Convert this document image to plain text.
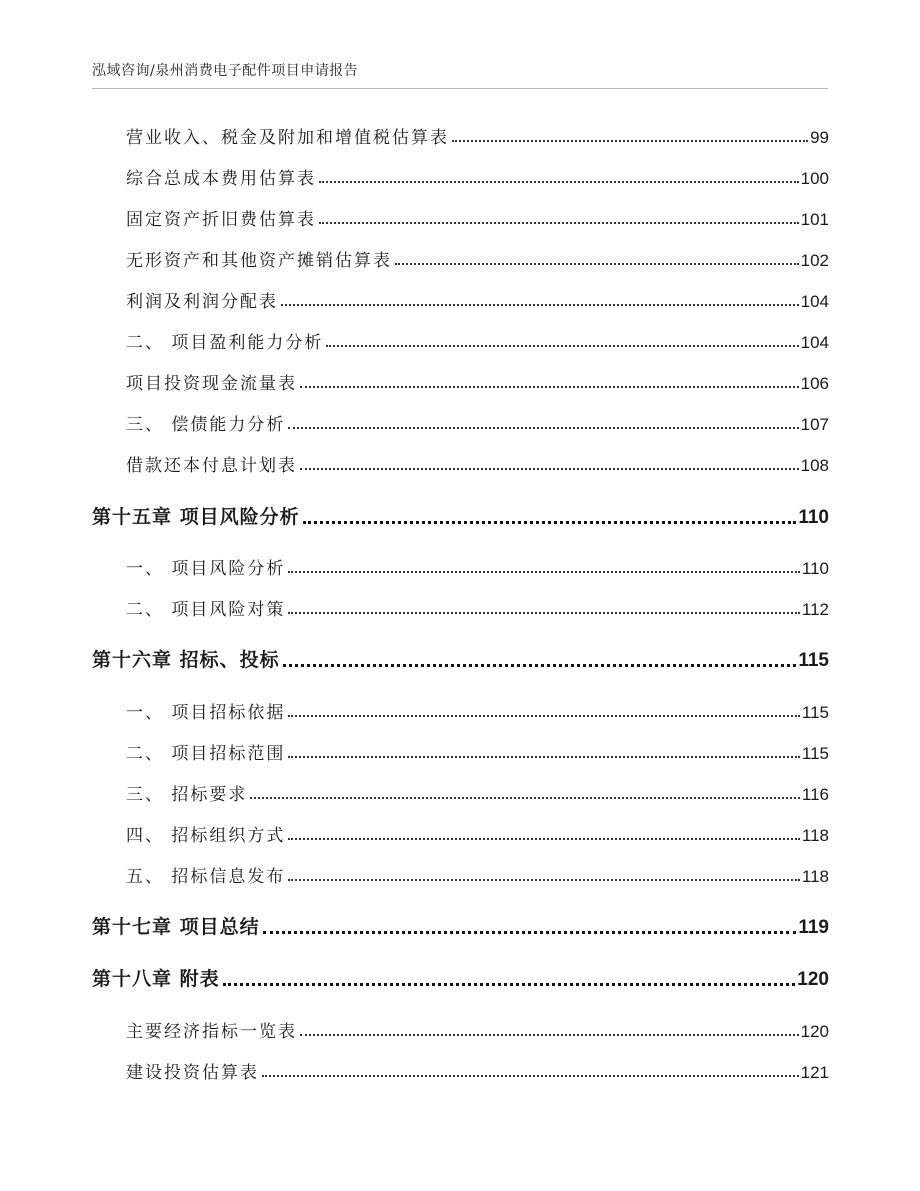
泓域咨询/泉州消费电子配件项目申请报告
营业收入、税金及附加和增值税估算表	99
综合总成本费用估算表	100
固定资产折旧费估算表	101
无形资产和其他资产摊销估算表	102
利润及利润分配表	104
二、 项目盈利能力分析	104
项目投资现金流量表	106
三、 偿债能力分析	107
借款还本付息计划表	108
第十五章 项目风险分析	110
一、 项目风险分析	110
二、 项目风险对策	112
第十六章 招标、投标	115
一、 项目招标依据	115
二、 项目招标范围	115
三、 招标要求	116
四、 招标组织方式	118
五、 招标信息发布	118
第十七章 项目总结	119
第十八章 附表	120
主要经济指标一览表	120
建设投资估算表	121
